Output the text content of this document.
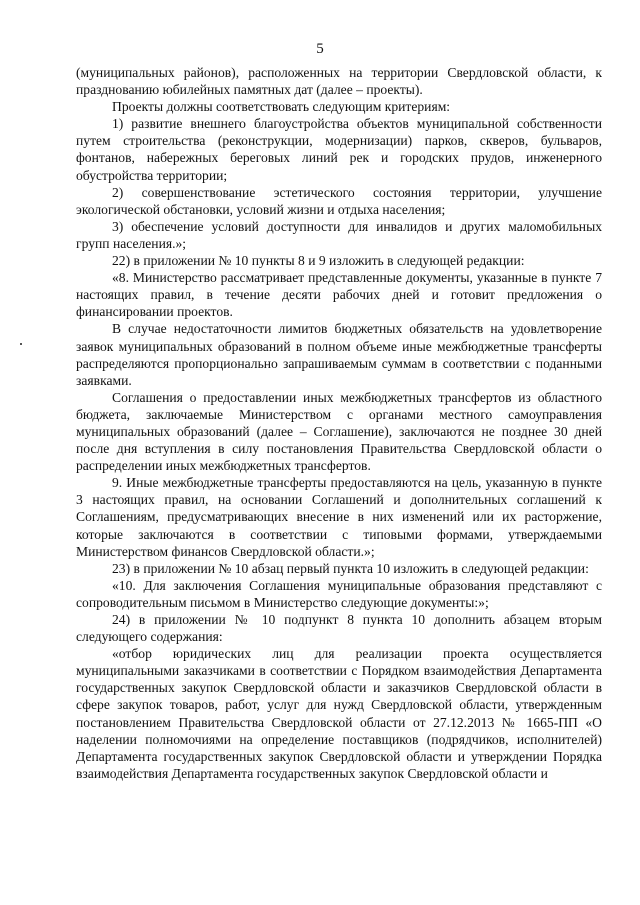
5

(муниципальных районов), расположенных на территории Свердловской области, к празднованию юбилейных памятных дат (далее – проекты).

Проекты должны соответствовать следующим критериям:

1) развитие внешнего благоустройства объектов муниципальной собственности путем строительства (реконструкции, модернизации) парков, скверов, бульваров, фонтанов, набережных береговых линий рек и городских прудов, инженерного обустройства территории;

2) совершенствование эстетического состояния территории, улучшение экологической обстановки, условий жизни и отдыха населения;

3) обеспечение условий доступности для инвалидов и других маломобильных групп населения.»;

22) в приложении № 10 пункты 8 и 9 изложить в следующей редакции:

«8. Министерство рассматривает представленные документы, указанные в пункте 7 настоящих правил, в течение десяти рабочих дней и готовит предложения о финансировании проектов.

В случае недостаточности лимитов бюджетных обязательств на удовлетворение заявок муниципальных образований в полном объеме иные межбюджетные трансферты распределяются пропорционально запрашиваемым суммам в соответствии с поданными заявками.

Соглашения о предоставлении иных межбюджетных трансфертов из областного бюджета, заключаемые Министерством с органами местного самоуправления муниципальных образований (далее – Соглашение), заключаются не позднее 30 дней после дня вступления в силу постановления Правительства Свердловской области о распределении иных межбюджетных трансфертов.

9. Иные межбюджетные трансферты предоставляются на цель, указанную в пункте 3 настоящих правил, на основании Соглашений и дополнительных соглашений к Соглашениям, предусматривающих внесение в них изменений или их расторжение, которые заключаются в соответствии с типовыми формами, утверждаемыми Министерством финансов Свердловской области.»;

23) в приложении № 10 абзац первый пункта 10 изложить в следующей редакции:

«10. Для заключения Соглашения муниципальные образования представляют с сопроводительным письмом в Министерство следующие документы:»;

24) в приложении № 10 подпункт 8 пункта 10 дополнить абзацем вторым следующего содержания:

«отбор юридических лиц для реализации проекта осуществляется муниципальными заказчиками в соответствии с Порядком взаимодействия Департамента государственных закупок Свердловской области и заказчиков Свердловской области в сфере закупок товаров, работ, услуг для нужд Свердловской области, утвержденным постановлением Правительства Свердловской области от 27.12.2013 № 1665-ПП «О наделении полномочиями на определение поставщиков (подрядчиков, исполнителей) Департамента государственных закупок Свердловской области и утверждении Порядка взаимодействия Департамента государственных закупок Свердловской области и
